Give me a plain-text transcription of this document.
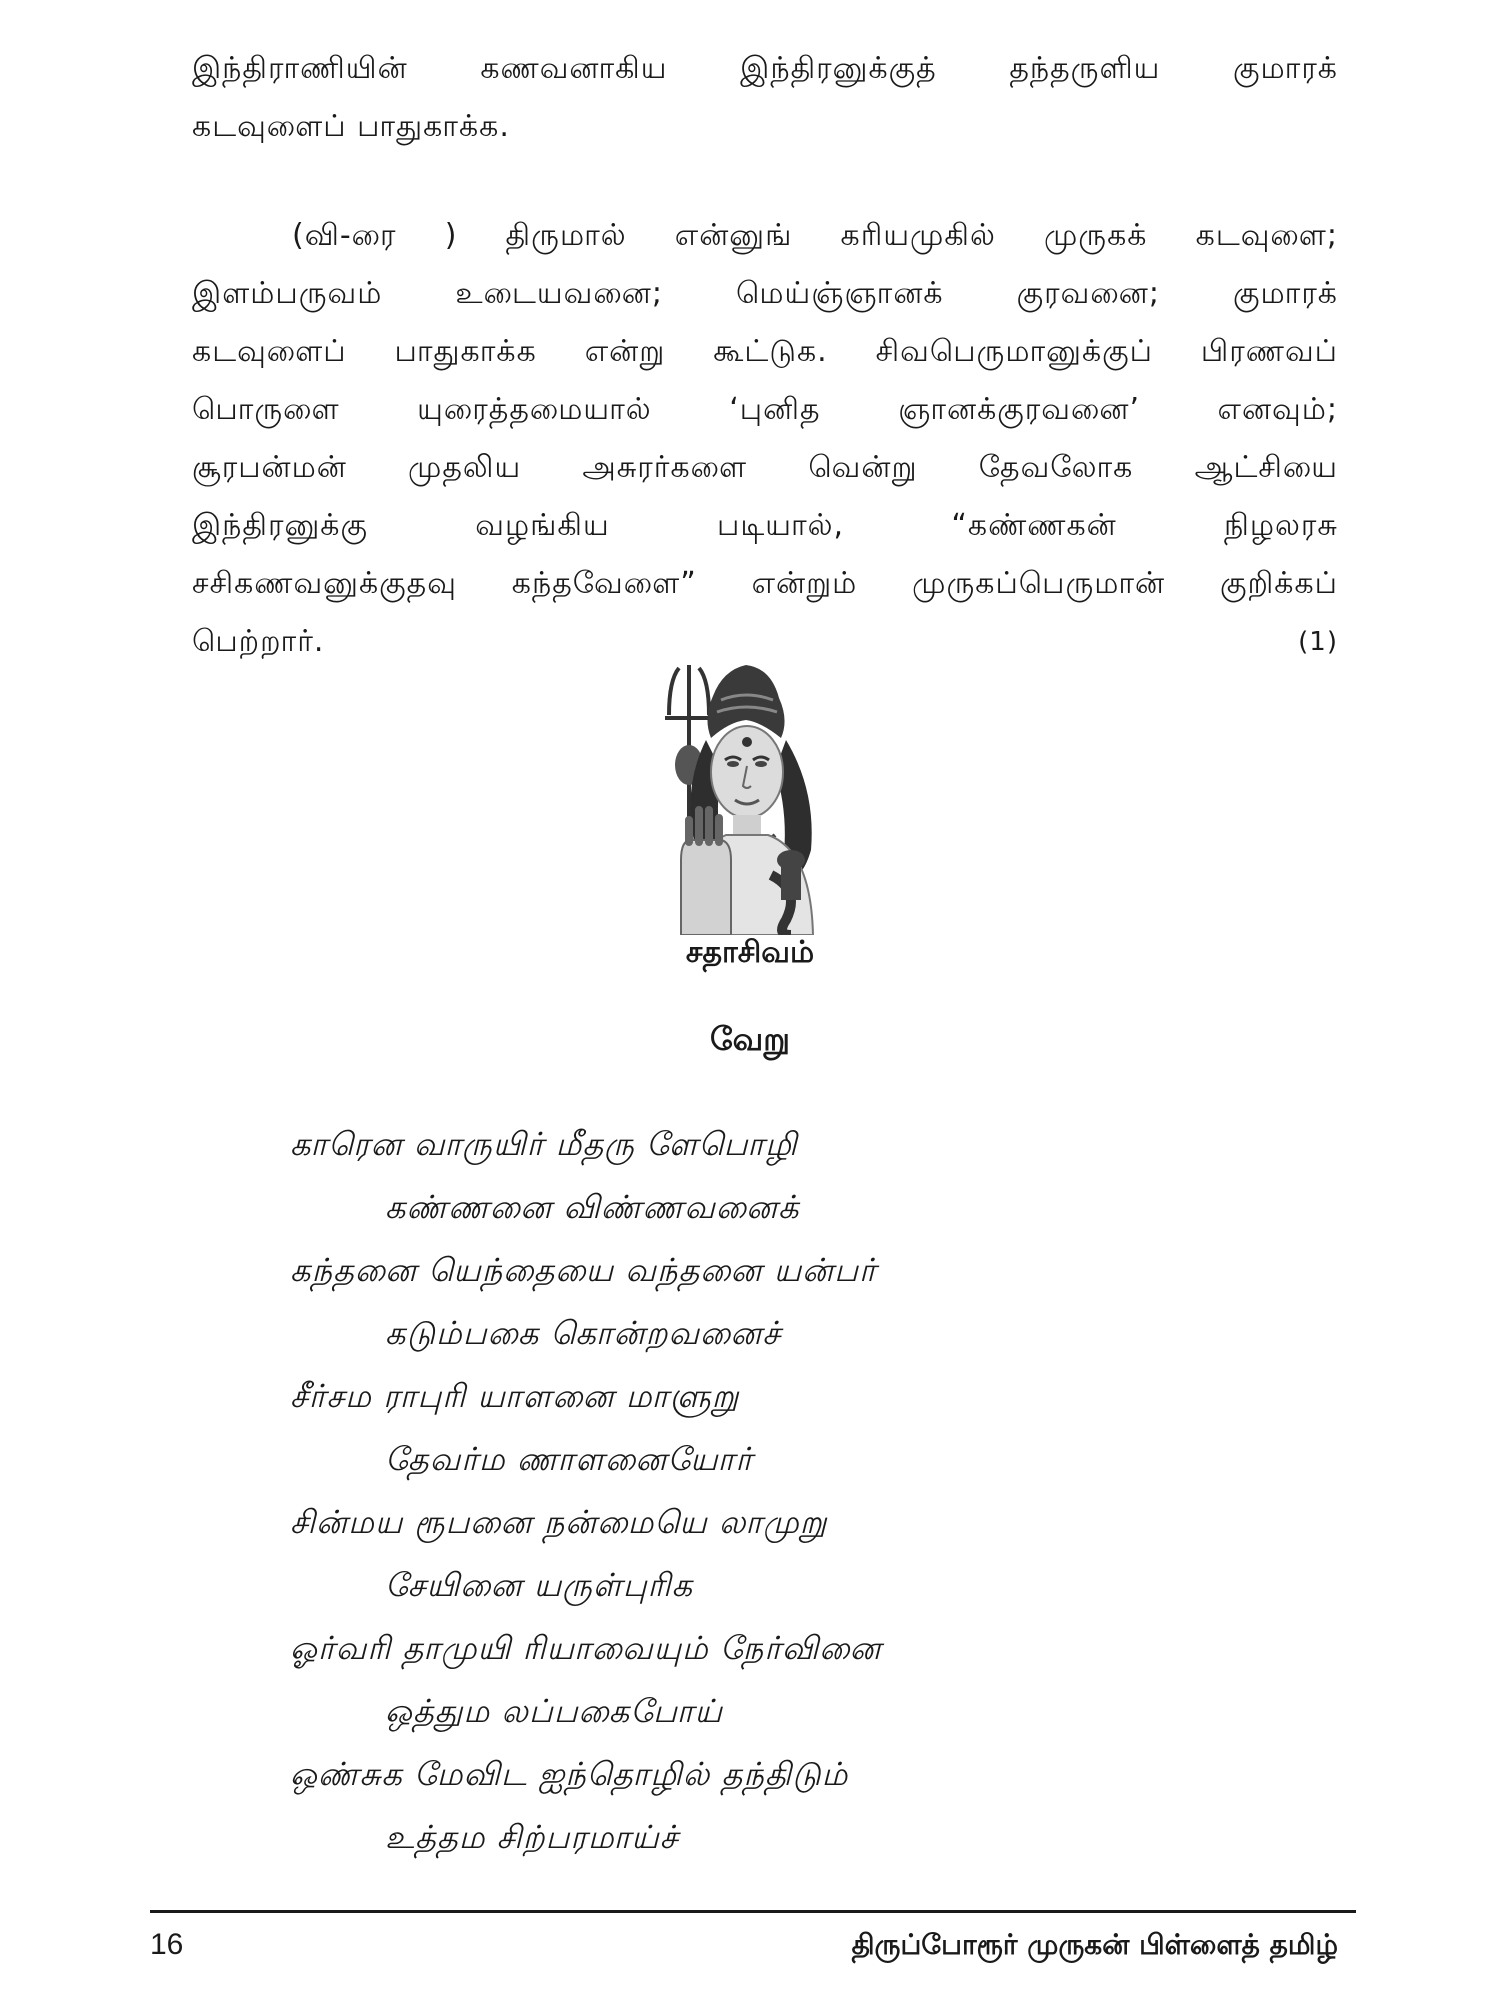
இந்திராணியின் கணவனாகிய இந்திரனுக்குத் தந்தருளிய குமாரக்
கடவுளைப் பாதுகாக்க.
(வி-ரை ) திருமால் என்னுங் கரியமுகில் முருகக் கடவுளை;
இளம்பருவம் உடையவனை; மெய்ஞ்ஞானக் குரவனை; குமாரக்
கடவுளைப் பாதுகாக்க என்று கூட்டுக. சிவபெருமானுக்குப் பிரணவப்
பொருளை யுரைத்தமையால் ‘புனித ஞானக்குரவனை’ எனவும்;
சூரபன்மன் முதலிய அசுரர்களை வென்று தேவலோக ஆட்சியை
இந்திரனுக்கு வழங்கிய படியால், “கண்ணகன் நிழலரசு
சசிகணவனுக்குதவு கந்தவேளை” என்றும் முருகப்பெருமான் குறிக்கப்
பெற்றார்.	(1)
சதாசிவம்
வேறு
காரென வாருயிர் மீதரு ளேபொழி
கண்ணனை விண்ணவனைக்
கந்தனை யெந்தையை வந்தனை யன்பர்
கடும்பகை கொன்றவனைச்
சீர்சம ராபுரி யாளனை மாளுறு
தேவர்ம ணாளனையோர்
சின்மய ரூபனை நன்மையெ லாமுறு
சேயினை யருள்புரிக
ஓர்வரி தாமுயி ரியாவையும் நேர்வினை
ஒத்தும லப்பகைபோய்
ஒண்சுக மேவிட ஐந்தொழில் தந்திடும்
உத்தம சிற்பரமாய்ச்
16	திருப்போரூர் முருகன் பிள்ளைத் தமிழ்
